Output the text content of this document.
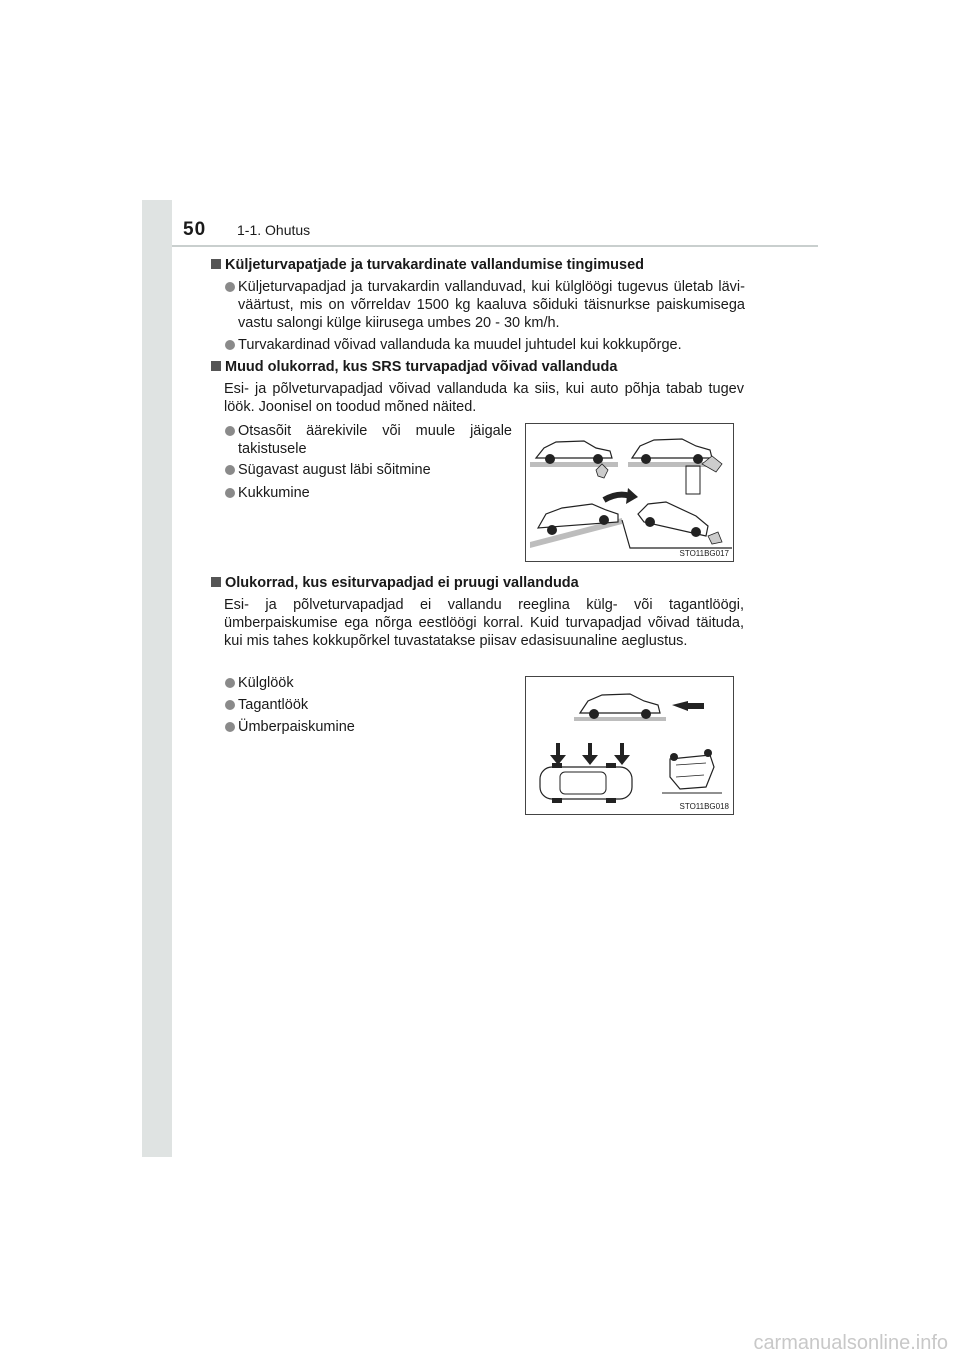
50 1-1. Ohutus
Küljeturvapatjade ja turvakardinate vallandumise tingimused
Küljeturvapadjad ja turvakardin vallanduvad, kui külglöögi tugevus ületab läviväärtust, mis on võrreldav 1500 kg kaaluva sõiduki täisnurkse paiskumisega vastu salongi külge kiirusega umbes 20 - 30 km/h.
Turvakardinad võivad vallanduda ka muudel juhtudel kui kokkupõrge.
Muud olukorrad, kus SRS turvapadjad võivad vallanduda
Esi- ja põlveturvapadjad võivad vallanduda ka siis, kui auto põhja tabab tugev löök. Joonisel on toodud mõned näited.
Otsasõit äärekivile või muule jäigale takistusele
Sügavast august läbi sõitmine
Kukkumine
STO11BG017
Olukorrad, kus esiturvapadjad ei pruugi vallanduda
Esi- ja põlveturvapadjad ei vallandu reeglina külg- või tagantlöögi, ümberpaiskumise ega nõrga eestlöögi korral. Kuid turvapadjad võivad täituda, kui mis tahes kokkupõrkel tuvastatakse piisav edasisuunaline aeglustus.
Külglöök
Tagantlöök
Ümberpaiskumine
STO11BG018
carmanualsonline.info
